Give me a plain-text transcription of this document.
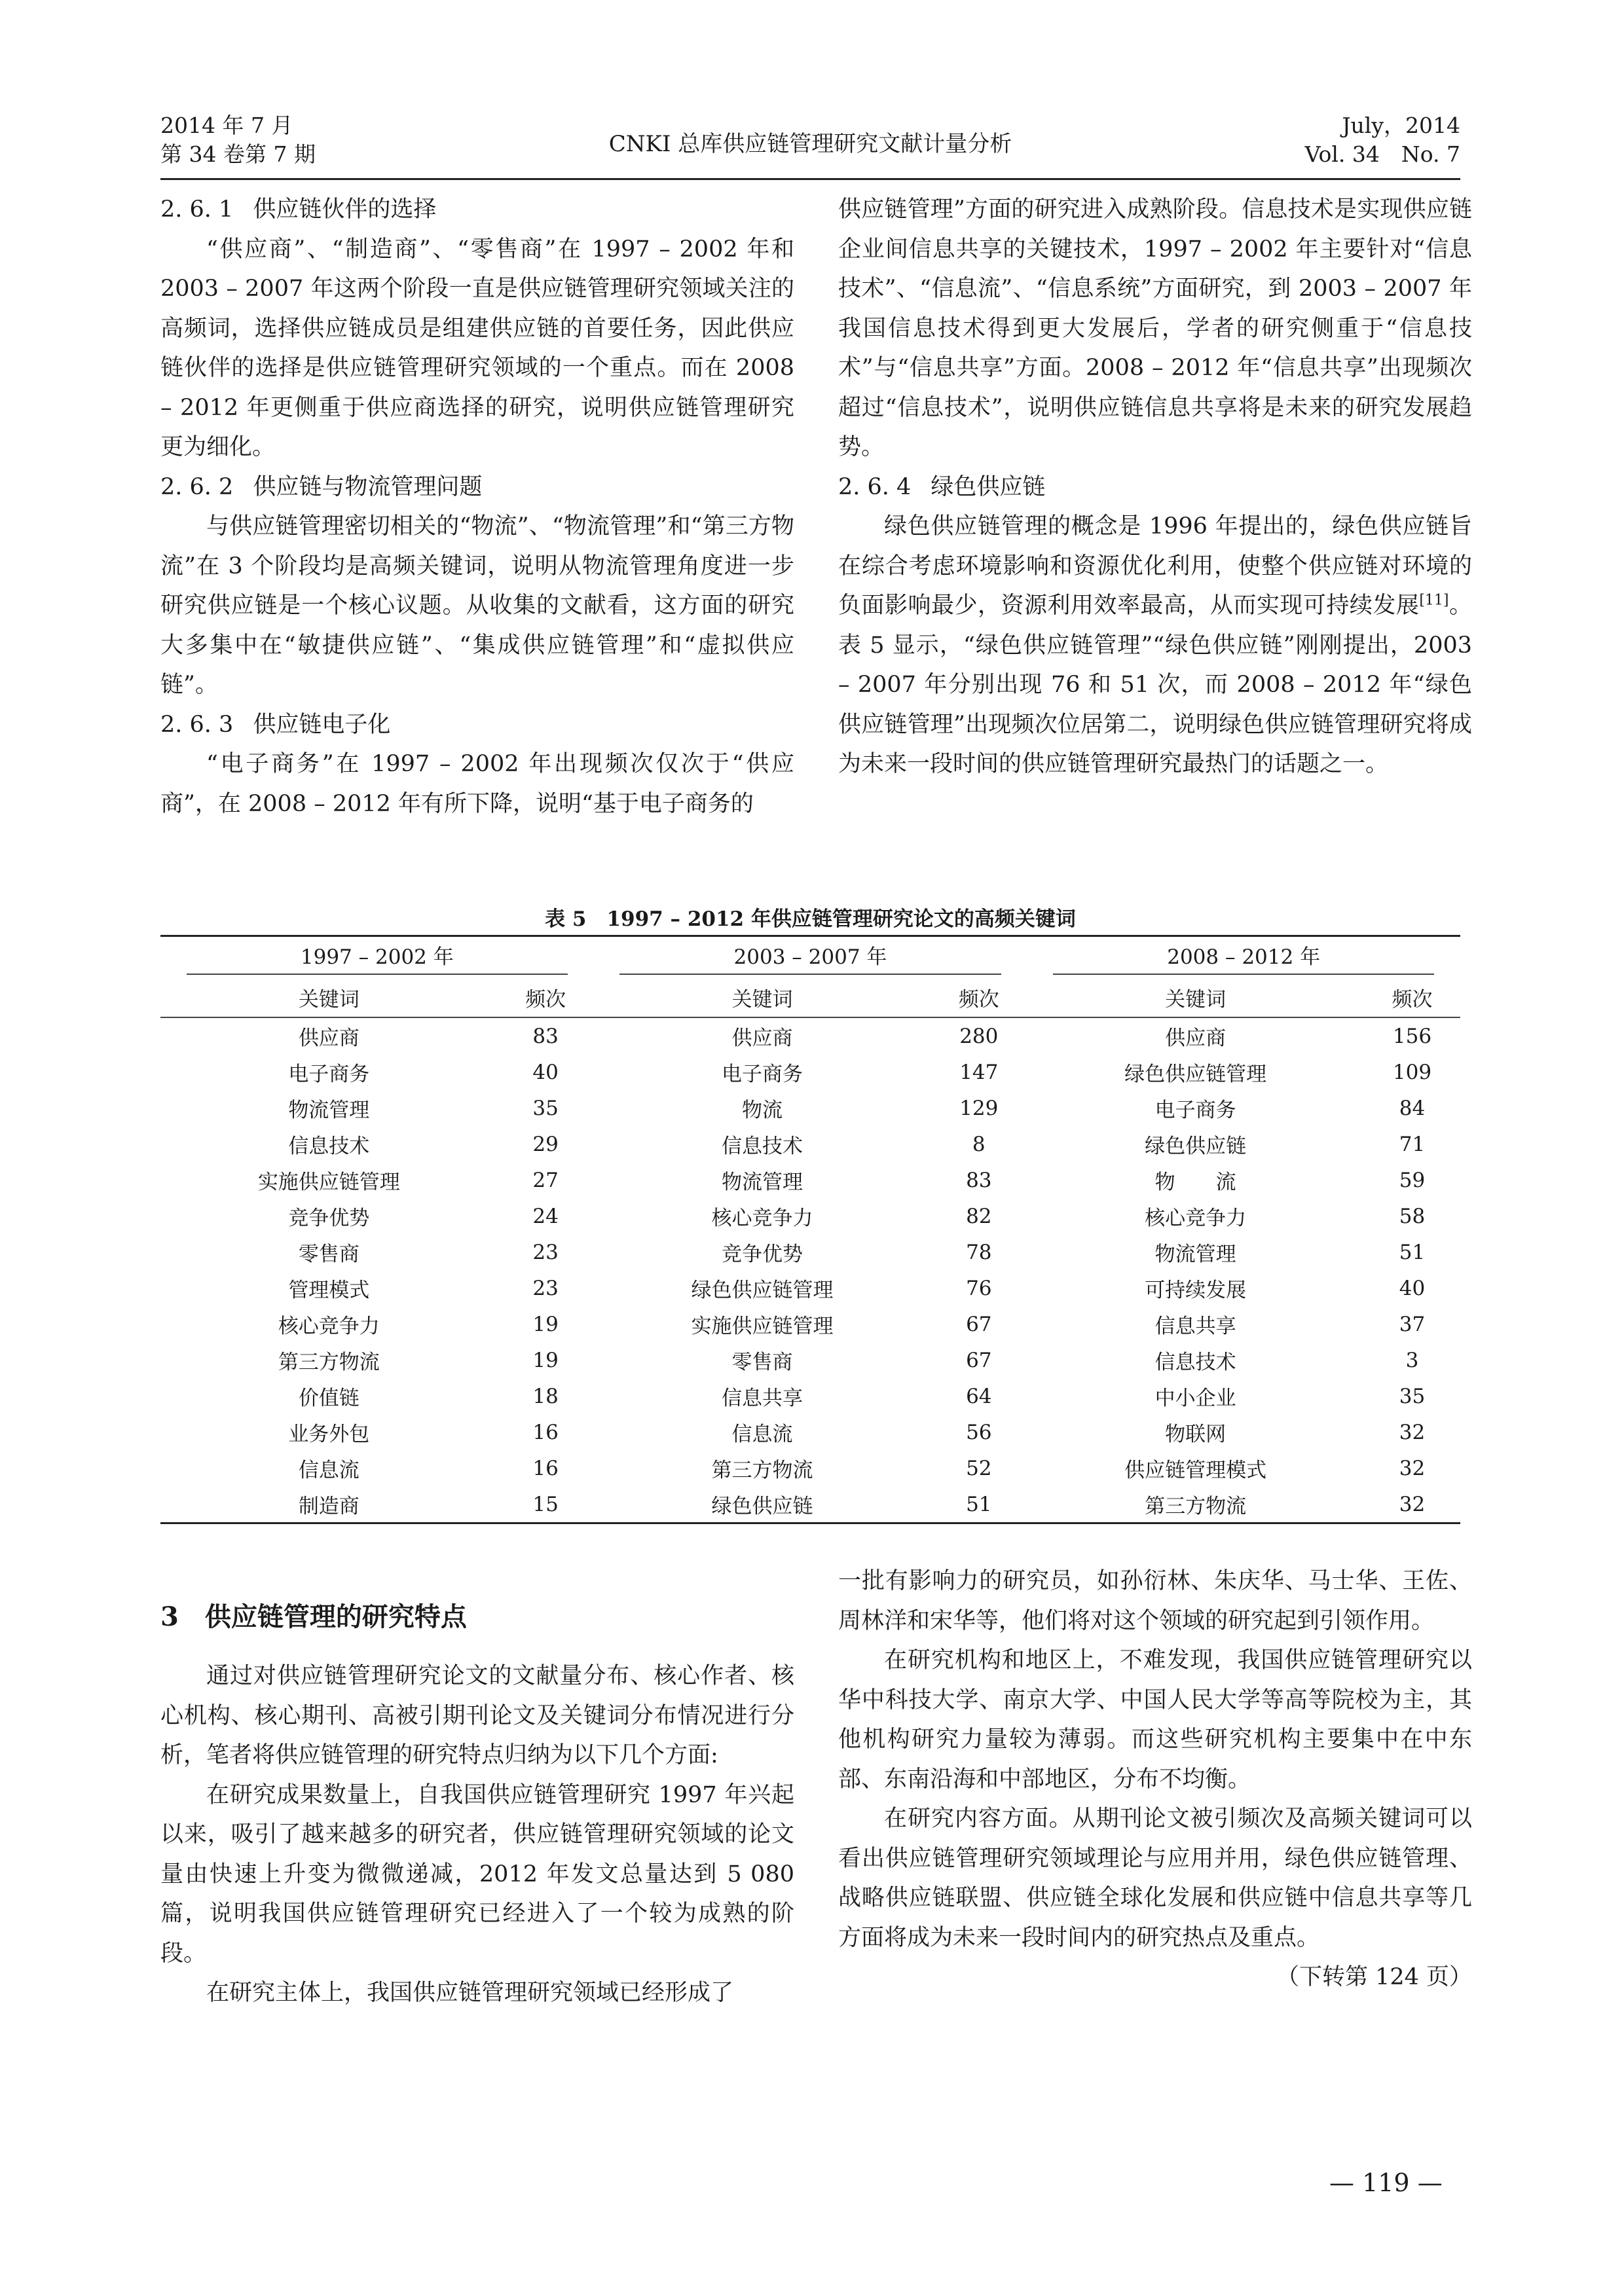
2014 年 7 月
第 34 卷第 7 期	CNKI 总库供应链管理研究文献计量分析
July，2014
Vol. 34　No. 7

2. 6. 1 供应链伙伴的选择

“供应商”、“制造商”、“零售商”在 1997 – 2002 年和 2003 – 2007 年这两个阶段一直是供应链管理研究领域关注的高频词，选择供应链成员是组建供应链的首要任务，因此供应链伙伴的选择是供应链管理研究领域的一个重点。而在 2008 – 2012 年更侧重于供应商选择的研究，说明供应链管理研究更为细化。

2. 6. 2 供应链与物流管理问题

与供应链管理密切相关的“物流”、“物流管理”和“第三方物流”在 3 个阶段均是高频关键词，说明从物流管理角度进一步研究供应链是一个核心议题。从收集的文献看，这方面的研究大多集中在“敏捷供应链”、“集成供应链管理”和“虚拟供应链”。

2. 6. 3 供应链电子化

“电子商务”在 1997 – 2002 年出现频次仅次于“供应商”，在 2008 – 2012 年有所下降，说明“基于电子商务的

供应链管理”方面的研究进入成熟阶段。信息技术是实现供应链企业间信息共享的关键技术，1997 – 2002 年主要针对“信息技术”、“信息流”、“信息系统”方面研究，到 2003 – 2007 年我国信息技术得到更大发展后，学者的研究侧重于“信息技术”与“信息共享”方面。2008 – 2012 年“信息共享”出现频次超过“信息技术”，说明供应链信息共享将是未来的研究发展趋势。

2. 6. 4 绿色供应链

绿色供应链管理的概念是 1996 年提出的，绿色供应链旨在综合考虑环境影响和资源优化利用，使整个供应链对环境的负面影响最少，资源利用效率最高，从而实现可持续发展[11]。表 5 显示，“绿色供应链管理”“绿色供应链”刚刚提出，2003 – 2007 年分别出现 76 和 51 次，而 2008 – 2012 年“绿色供应链管理”出现频次位居第二，说明绿色供应链管理研究将成为未来一段时间的供应链管理研究最热门的话题之一。

表 5　1997 – 2012 年供应链管理研究论文的高频关键词
1997 – 2002 年		2003 – 2007 年		2008 – 2012 年	
关键词	频次	关键词	频次	关键词	频次
供应商	83	供应商	280	供应商	156
电子商务	40	电子商务	147	绿色供应链管理	109
物流管理	35	物流	129	电子商务	84
信息技术	29	信息技术	8	绿色供应链	71
实施供应链管理	27	物流管理	83	物　　流	59
竞争优势	24	核心竞争力	82	核心竞争力	58
零售商	23	竞争优势	78	物流管理	51
管理模式	23	绿色供应链管理	76	可持续发展	40
核心竞争力	19	实施供应链管理	67	信息共享	37
第三方物流	19	零售商	67	信息技术	3
价值链	18	信息共享	64	中小企业	35
业务外包	16	信息流	56	物联网	32
信息流	16	第三方物流	52	供应链管理模式	32
制造商	15	绿色供应链	51	第三方物流	32

3 供应链管理的研究特点

通过对供应链管理研究论文的文献量分布、核心作者、核心机构、核心期刊、高被引期刊论文及关键词分布情况进行分析，笔者将供应链管理的研究特点归纳为以下几个方面:

在研究成果数量上，自我国供应链管理研究 1997 年兴起以来，吸引了越来越多的研究者，供应链管理研究领域的论文量由快速上升变为微微递减，2012 年发文总量达到 5 080篇，说明我国供应链管理研究已经进入了一个较为成熟的阶段。

在研究主体上，我国供应链管理研究领域已经形成了

一批有影响力的研究员，如孙衍林、朱庆华、马士华、王佐、周林洋和宋华等，他们将对这个领域的研究起到引领作用。

在研究机构和地区上，不难发现，我国供应链管理研究以华中科技大学、南京大学、中国人民大学等高等院校为主，其他机构研究力量较为薄弱。而这些研究机构主要集中在中东部、东南沿海和中部地区，分布不均衡。

在研究内容方面。从期刊论文被引频次及高频关键词可以看出供应链管理研究领域理论与应用并用，绿色供应链管理、战略供应链联盟、供应链全球化发展和供应链中信息共享等几方面将成为未来一段时间内的研究热点及重点。

（下转第 124 页）

— 119 —
